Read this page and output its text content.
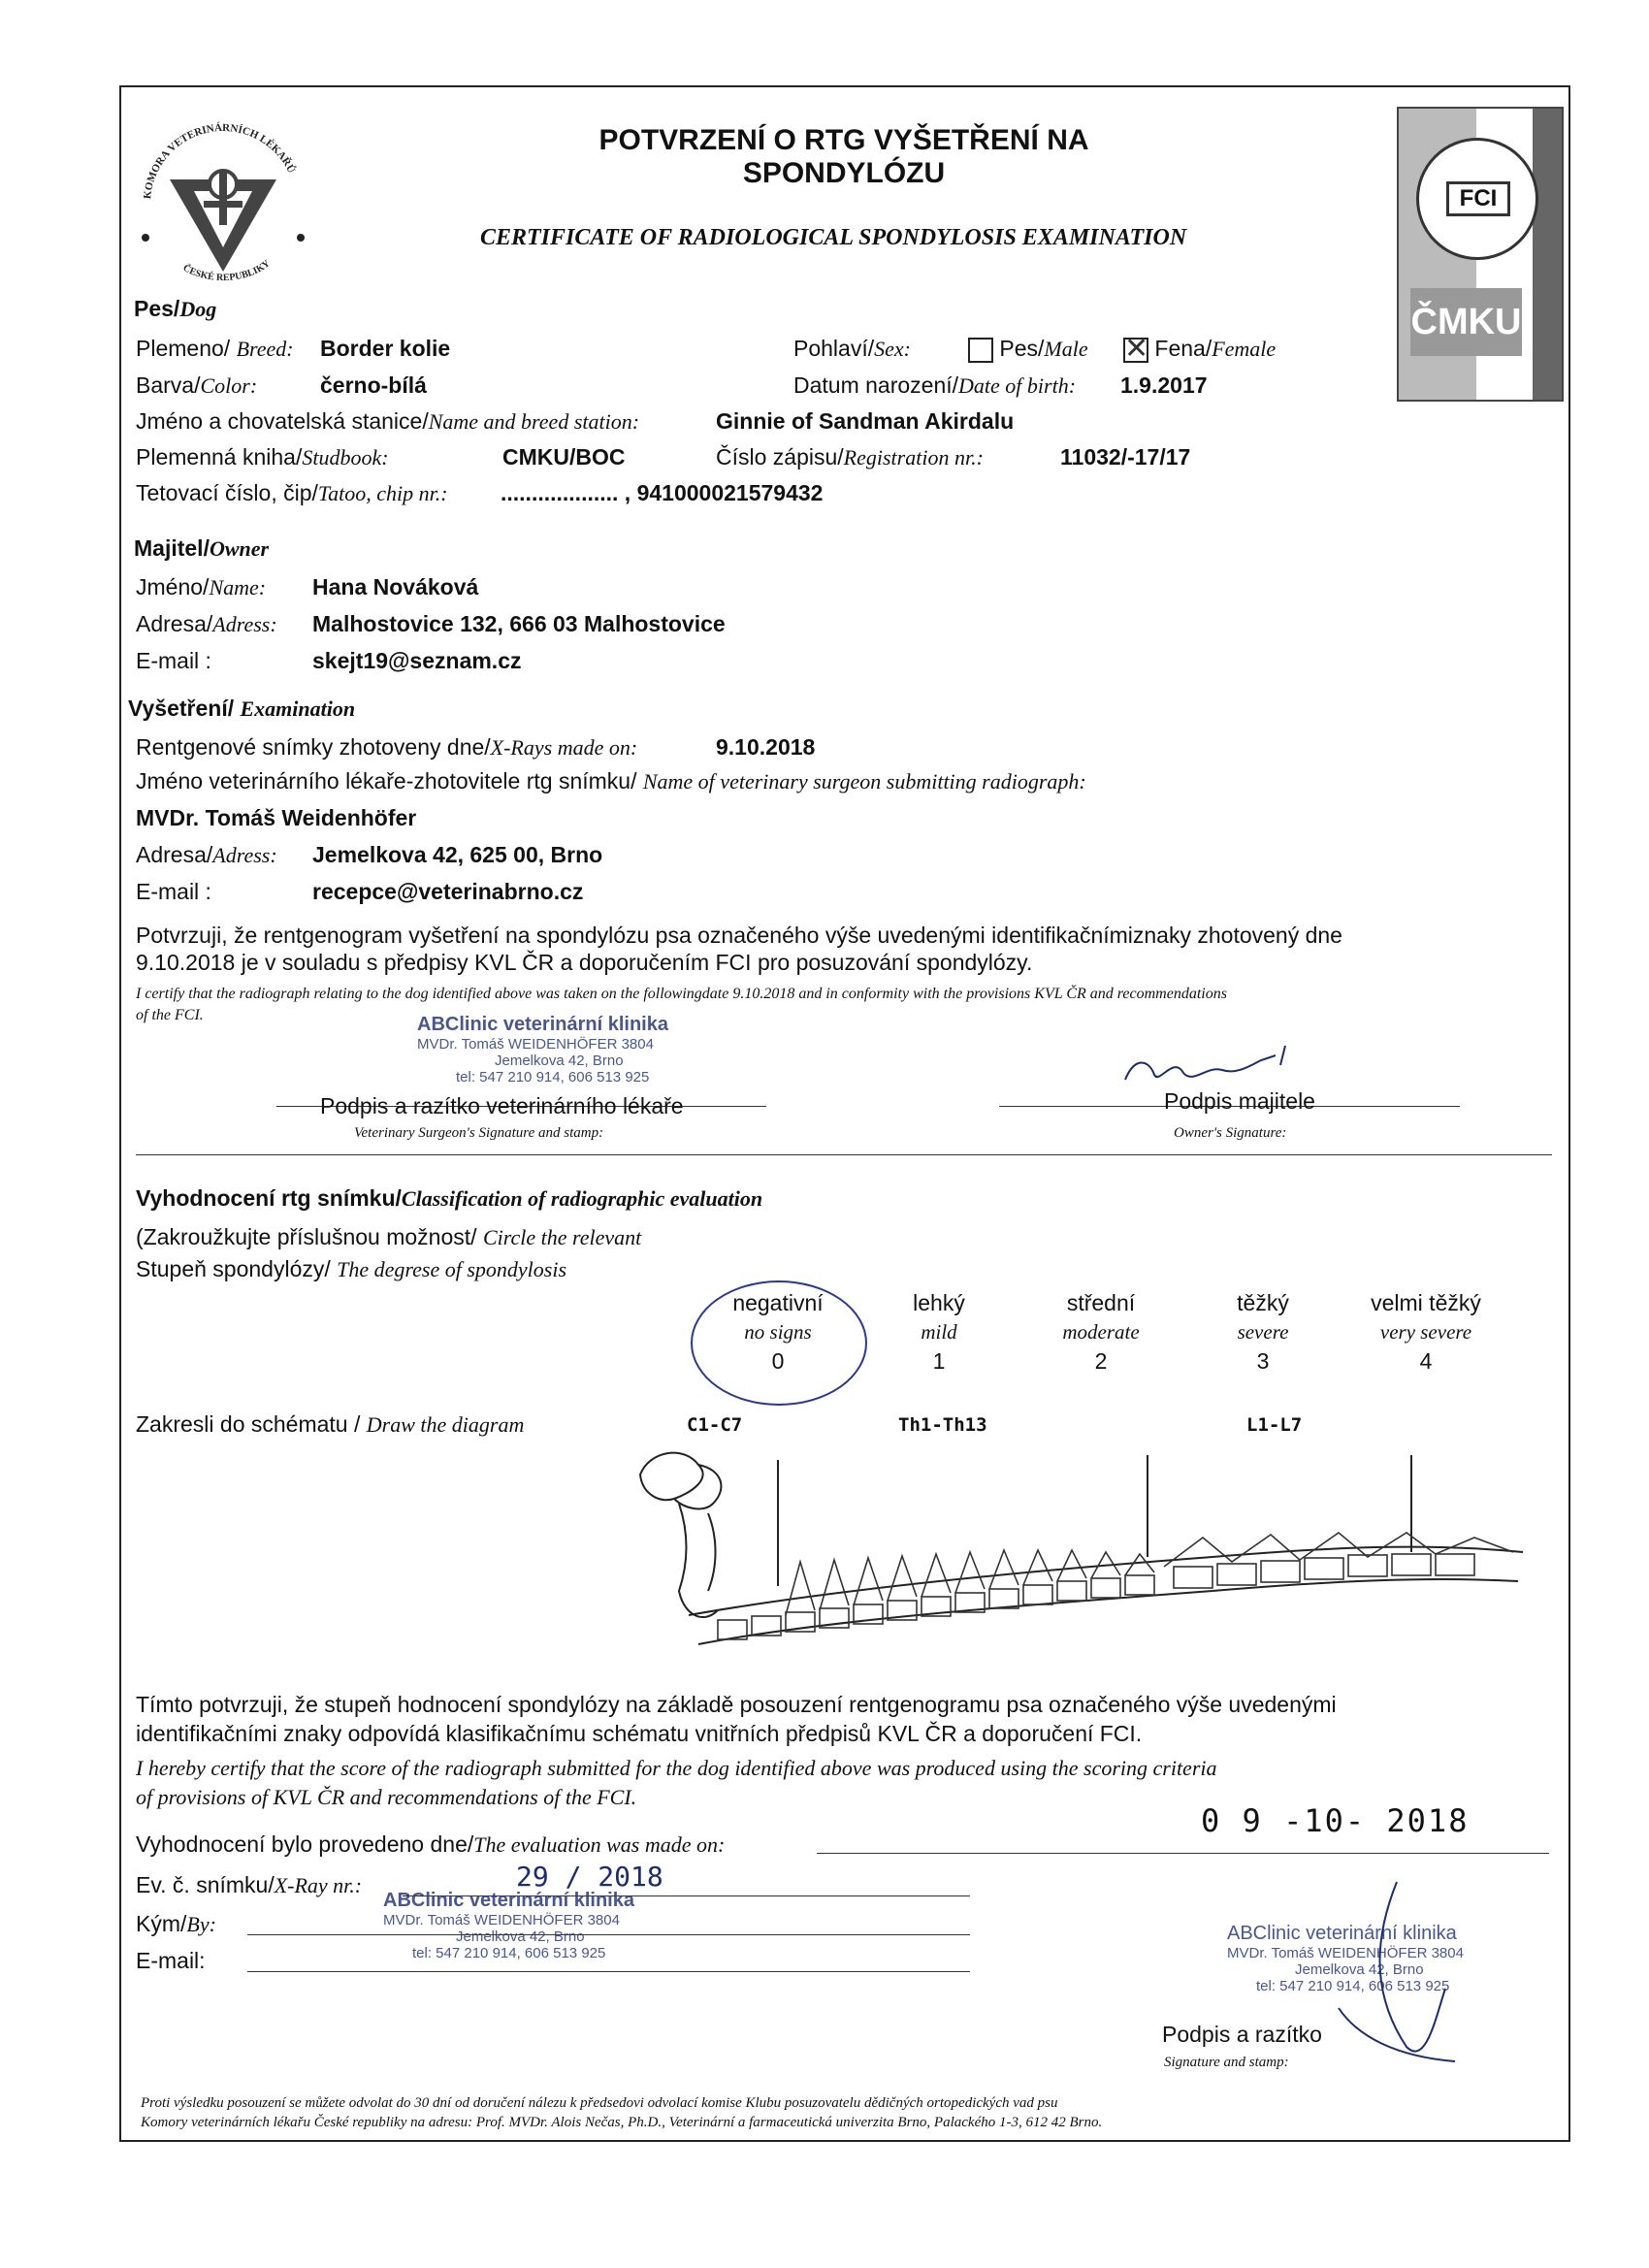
KOMORA VETERINÁRNÍCH LÉKAŘŮ
ČESKÉ REPUBLIKY
POTVRZENÍ O RTG VYŠETŘENÍ NA
SPONDYLÓZU
CERTIFICATE OF RADIOLOGICAL SPONDYLOSIS EXAMINATION
FCI
ČMKU
Pes/Dog
Plemeno/ Breed: Border kolie	Pohlaví/Sex:	Pes/Male
✕	Fena/Female
Barva/Color:	černo-bílá	Datum narození/Date of birth: 1.9.2017
Jméno a chovatelská stanice/Name and breed station:	Ginnie of Sandman Akirdalu
Plemenná kniha/Studbook:	CMKU/BOC	Číslo zápisu/Registration nr.:	11032/-17/17
Tetovací číslo, čip/Tatoo, chip nr.: ................... , 941000021579432
Majitel/Owner
Jméno/Name: Hana Nováková
Adresa/Adress: Malhostovice 132, 666 03 Malhostovice
E-mail :	skejt19@seznam.cz
Vyšetření/ Examination
Rentgenové snímky zhotoveny dne/X-Rays made on:	9.10.2018
Jméno veterinárního lékaře-zhotovitele rtg snímku/ Name of veterinary surgeon submitting radiograph:
MVDr. Tomáš Weidenhöfer
Adresa/Adress: Jemelkova 42, 625 00, Brno
E-mail :	recepce@veterinabrno.cz
Potvrzuji, že rentgenogram vyšetření na spondylózu psa označeného výše uvedenými identifikačnímiznaky zhotovený dne
9.10.2018 je v souladu s předpisy KVL ČR a doporučením FCI pro posuzování spondylózy.
I certify that the radiograph relating to the dog identified above was taken on the followingdate 9.10.2018 and in conformity with the provisions KVL ČR and recommendations
of the FCI.	ABClinic veterinární klinika
MVDr. Tomáš WEIDENHÖFER 3804
Jemelkova 42, Brno
tel: 547 210 914, 606 513 925
Podpis a razítko veterinárního lékaře
Veterinary Surgeon's Signature and stamp:
Podpis majitele
Owner's Signature:
Vyhodnocení rtg snímku/Classification of radiographic evaluation
(Zakroužkujte příslušnou možnost/ Circle the relevant
Stupeň spondylózy/ The degrese of spondylosis
negativní
no signs
0
lehký
mild
1
střední
moderate
2
těžký
severe
3
velmi těžký
very severe
4
Zakresli do schématu / Draw the diagram	C1-C7	Th1-Th13	L1-L7
Tímto potvrzuji, že stupeň hodnocení spondylózy na základě posouzení rentgenogramu psa označeného výše uvedenými
identifikačními znaky odpovídá klasifikačnímu schématu vnitřních předpisů KVL ČR a doporučení FCI.
I hereby certify that the score of the radiograph submitted for the dog identified above was produced using the scoring criteria
of provisions of KVL ČR and recommendations of the FCI.
0 9 -10- 2018
Vyhodnocení bylo provedeno dne/The evaluation was made on:
Ev. č. snímku/X-Ray nr.:	29 / 2018
Kým/By:
E-mail:
ABClinic veterinární klinika
MVDr. Tomáš WEIDENHÖFER 3804
Jemelkova 42, Brno
tel: 547 210 914, 606 513 925
ABClinic veterinární klinika
MVDr. Tomáš WEIDENHÖFER 3804
Jemelkova 42, Brno
tel: 547 210 914, 606 513 925
Podpis a razítko
Signature and stamp:
Proti výsledku posouzení se můžete odvolat do 30 dní od doručení nálezu k předsedovi odvolací komise Klubu posuzovatelu dědičných ortopedických vad psu
Komory veterinárních lékařu České republiky na adresu: Prof. MVDr. Alois Nečas, Ph.D., Veterinární a farmaceutická univerzita Brno, Palackého 1-3, 612 42 Brno.
